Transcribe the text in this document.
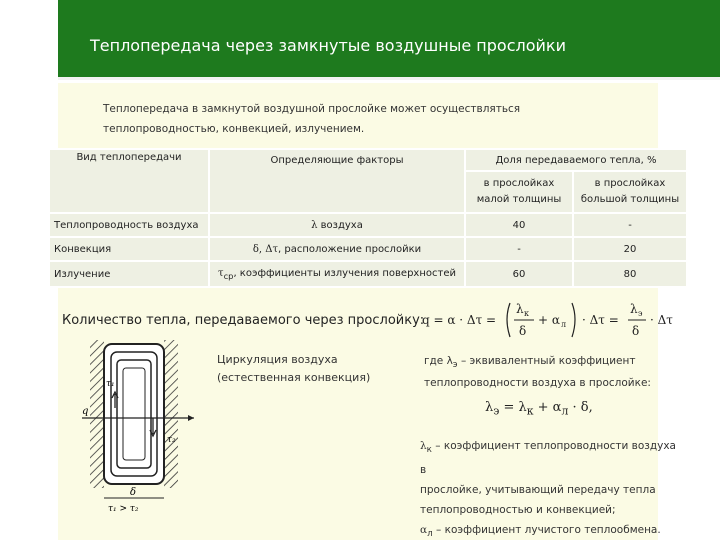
Теплопередача через замкнутые воздушные прослойки
Теплопередача в замкнутой воздушной прослойке может осуществляться
теплопроводностью, конвекцией, излучением.
Вид теплопередачи	Определяющие факторы	Доля передаваемого тепла, %	
		в прослойках малой толщины	в прослойках большой толщины
Теплопроводность воздуха	λ воздуха	40	-
Конвекция	δ, Δτ, расположение прослойки	-	20
Излучение	$\tau_{ср}$, коэффициенты излучения поверхностей	60	80
Количество тепла, передаваемого через прослойку:
q
τ₁
τ₂
δ
τ₁ > τ₂
Циркуляция воздуха
(естественная конвекция)
q = α · Δτ =
λ к
δ
+ α л · Δτ =
λ э
δ
· Δτ
где $\lambda_э$ – эквивалентный коэффициент
теплопроводности воздуха в прослойке:
$\lambda_э = \lambda_к + \alpha_л \cdot \delta$,
$\lambda_к$ – коэффициент теплопроводности воздуха в
прослойке, учитывающий передачу тепла
теплопроводностью и конвекцией;
$\alpha_л$ – коэффициент лучистого теплообмена.
